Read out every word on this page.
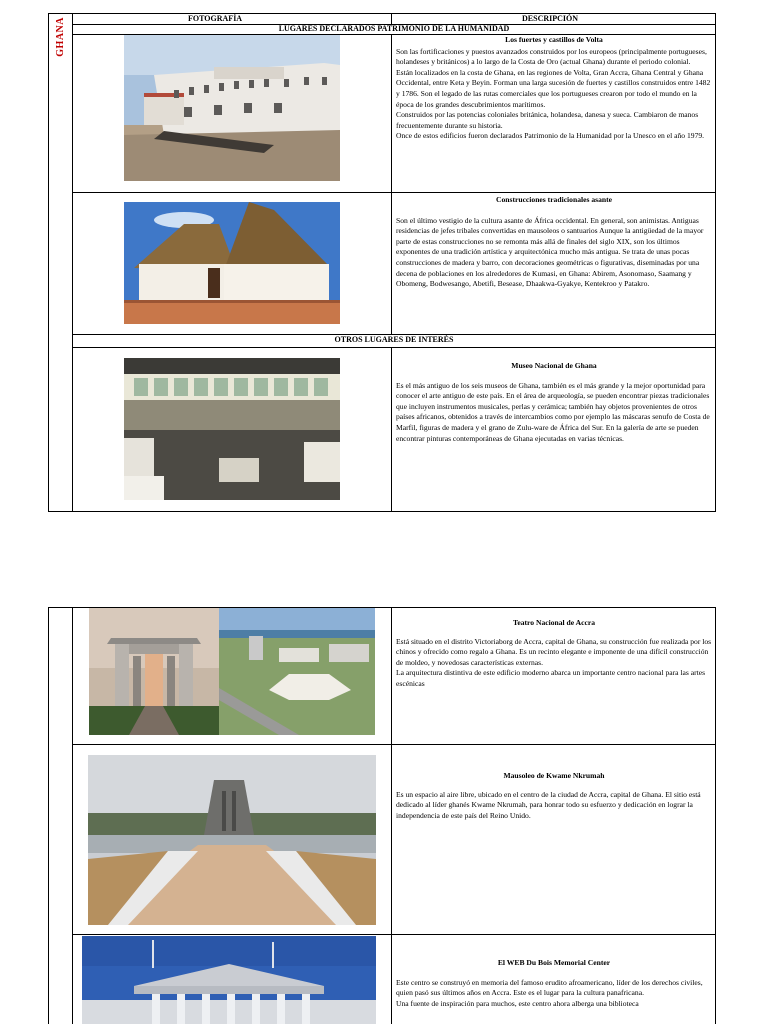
GHANA	FOTOGRAFÍA	DESCRIPCIÓN
LUGARES DECLARADOS PATRIMONIO DE LA HUMANIDAD
OTROS LUGARES DE INTERÉS
Los fuertes y castillos de Volta

Son las fortificaciones y puestos avanzados construidos por los europeos (principalmente portugueses, holandeses y británicos) a lo largo de la Costa de Oro (actual Ghana) durante el periodo colonial.

Están localizados en la costa de Ghana, en las regiones de Volta, Gran Accra, Ghana Central y Ghana Occidental, entre Keta y Beyin. Forman una larga sucesión de fuertes y castillos construidos entre 1482 y 1786. Son el legado de las rutas comerciales que los portugueses crearon por todo el mundo en la época de los grandes descubrimientos marítimos.

Construidos por las potencias coloniales británica, holandesa, danesa y sueca. Cambiaron de manos frecuentemente durante su historia.

Once de estos edificios fueron declarados Patrimonio de la Humanidad por la Unesco en el año 1979.

Construcciones tradicionales asante

Son el último vestigio de la cultura asante de África occidental. En general, son animistas. Antiguas residencias de jefes tribales convertidas en mausoleos o santuarios Aunque la antigüedad de la mayor parte de estas construcciones no se remonta más allá de finales del siglo XIX, son los últimos exponentes de una tradición artística y arquitectónica mucho más antigua. Se trata de unas pocas construcciones de madera y barro, con decoraciones geométricas o figurativas, diseminadas por una decena de poblaciones en los alrededores de Kumasi, en Ghana: Abirem, Asonomaso, Saamang y Obomeng, Bodwesango, Abetifi, Besease, Dhaakwa-Gyakye, Kentekroo y Patakro.

Museo Nacional de Ghana

Es el más antiguo de los seis museos de Ghana, también es el más grande y la mejor oportunidad para conocer el arte antiguo de este país. En el área de arqueología, se pueden encontrar piezas tradicionales que incluyen instrumentos musicales, perlas y cerámica; también hay objetos provenientes de otros países africanos, obtenidos a través de intercambios como por ejemplo las máscaras senufo de Costa de Marfil, figuras de madera y el grano de Zulu-ware de África del Sur. En la galería de arte se pueden encontrar pinturas contemporáneas de Ghana ejecutadas en varias técnicas.

Teatro Nacional de Accra

Está situado en el distrito Victoriaborg de Accra, capital de Ghana, su construcción fue realizada por los chinos y ofrecido como regalo a Ghana. Es un recinto elegante e imponente de una difícil construcción de moldeo, y novedosas características externas.

La arquitectura distintiva de este edificio moderno abarca un importante centro nacional para las artes escénicas

Mausoleo de Kwame Nkrumah

Es un espacio al aire libre, ubicado en el centro de la ciudad de Accra, capital de Ghana. El sitio está dedicado al líder ghanés Kwame Nkrumah, para honrar todo su esfuerzo y dedicación en lograr la independencia de este país del Reino Unido.

El WEB Du Bois Memorial Center

Este centro se construyó en memoria del famoso erudito afroamericano, líder de los derechos civiles, quien pasó sus últimos años en Accra. Este es el lugar para la cultura panafricana.

Una fuente de inspiración para muchos, este centro ahora alberga una biblioteca
